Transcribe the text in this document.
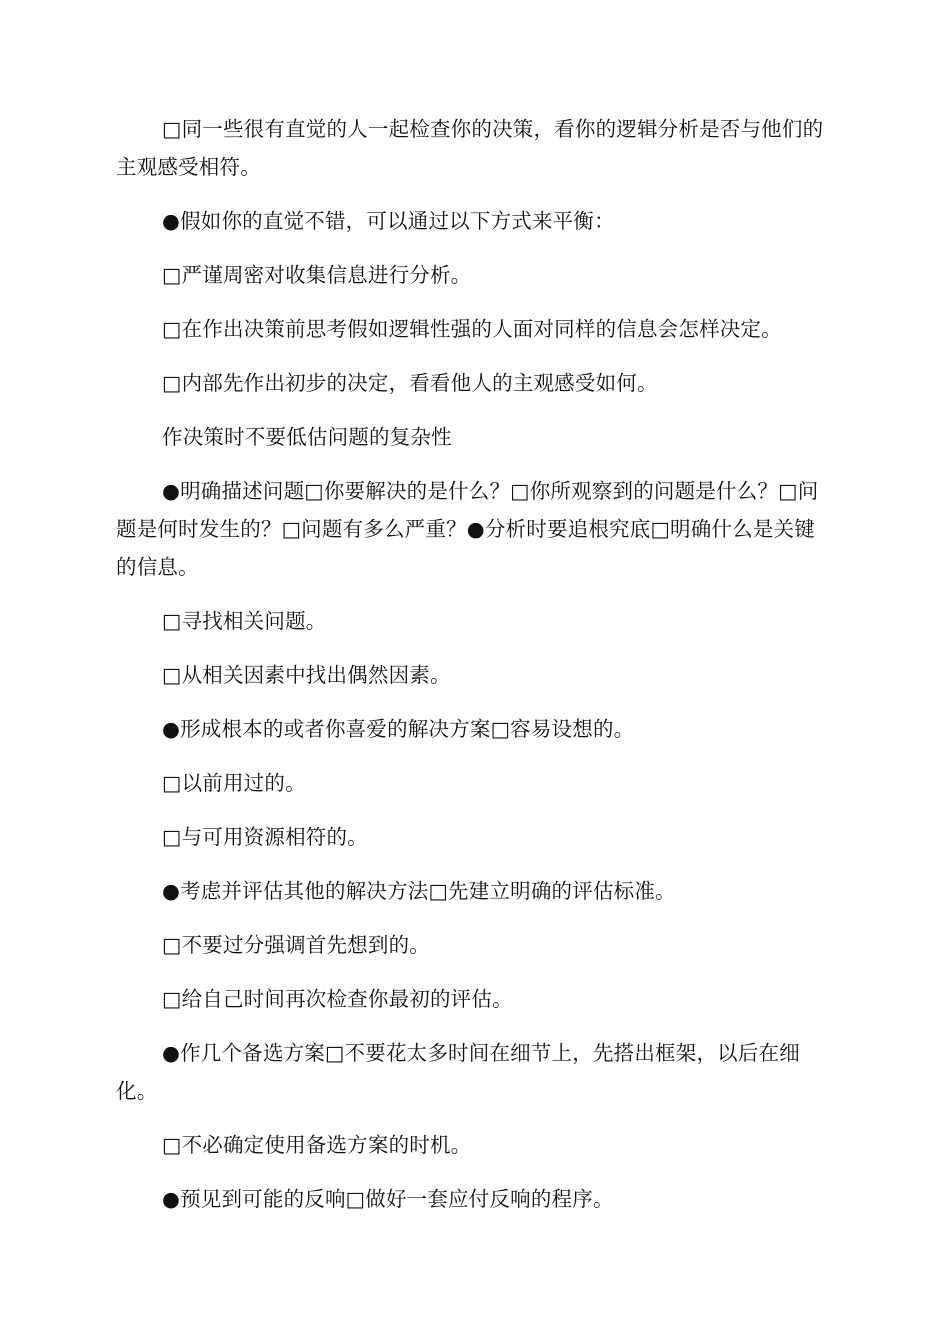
□同一些很有直觉的人一起检查你的决策，看你的逻辑分析是否与他们的主观感受相符。

●假如你的直觉不错，可以通过以下方式来平衡：

□严谨周密对收集信息进行分析。

□在作出决策前思考假如逻辑性强的人面对同样的信息会怎样决定。

□内部先作出初步的决定，看看他人的主观感受如何。

作决策时不要低估问题的复杂性

●明确描述问题□你要解决的是什么？□你所观察到的问题是什么？□问题是何时发生的？□问题有多么严重？●分析时要追根究底□明确什么是关键的信息。

□寻找相关问题。

□从相关因素中找出偶然因素。

●形成根本的或者你喜爱的解决方案□容易设想的。

□以前用过的。

□与可用资源相符的。

●考虑并评估其他的解决方法□先建立明确的评估标准。

□不要过分强调首先想到的。

□给自己时间再次检查你最初的评估。

●作几个备选方案□不要花太多时间在细节上，先搭出框架，以后在细化。

□不必确定使用备选方案的时机。

●预见到可能的反响□做好一套应付反响的程序。
